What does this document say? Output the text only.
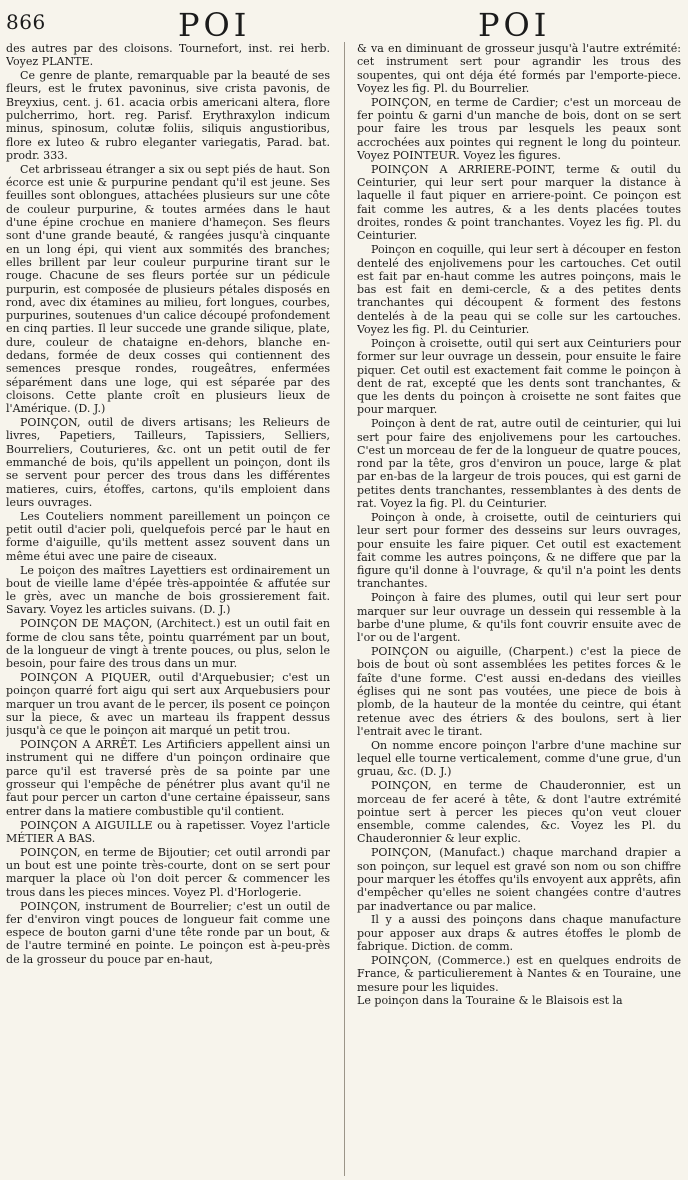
866	POI	POI

des autres par des cloisons. Tournefort, inst. rei herb. Voyez PLANTE.

Ce genre de plante, remarquable par la beauté de ses fleurs, est le frutex pavoninus, sive crista pavonis, de Breyxius, cent. j. 61. acacia orbis americani altera, flore pulcherrimo, hort. reg. Parisf. Erythraxylon indicum minus, spinosum, colutæ foliis, siliquis angustioribus, flore ex luteo & rubro eleganter variegatis, Parad. bat. prodr. 333.

Cet arbrisseau étranger a six ou sept piés de haut. Son écorce est unie & purpurine pendant qu'il est jeune. Ses feuilles sont oblongues, attachées plusieurs sur une côte de couleur purpurine, & toutes armées dans le haut d'une épine crochue en maniere d'hameçon. Ses fleurs sont d'une grande beauté, & rangées jusqu'à cinquante en un long épi, qui vient aux sommités des branches; elles brillent par leur couleur purpurine tirant sur le rouge. Chacune de ses fleurs portée sur un pédicule purpurin, est composée de plusieurs pétales disposés en rond, avec dix étamines au milieu, fort longues, courbes, purpurines, soutenues d'un calice découpé profondement en cinq parties. Il leur succede une grande silique, plate, dure, couleur de chataigne en-dehors, blanche en-dedans, formée de deux cosses qui contiennent des semences presque rondes, rougeâtres, enfermées séparément dans une loge, qui est séparée par des cloisons. Cette plante croît en plusieurs lieux de l'Amérique. (D. J.)

POINÇON, outil de divers artisans; les Relieurs de livres, Papetiers, Tailleurs, Tapissiers, Selliers, Bourreliers, Couturieres, &c. ont un petit outil de fer emmanché de bois, qu'ils appellent un poinçon, dont ils se servent pour percer des trous dans les différentes matieres, cuirs, étoffes, cartons, qu'ils emploient dans leurs ouvrages.

Les Couteliers nomment pareillement un poinçon ce petit outil d'acier poli, quelquefois percé par le haut en forme d'aiguille, qu'ils mettent assez souvent dans un même étui avec une paire de ciseaux.

Le poiçon des maîtres Layettiers est ordinairement un bout de vieille lame d'épée très-appointée & affutée sur le grès, avec un manche de bois grossierement fait. Savary. Voyez les articles suivans. (D. J.)

POINÇON DE MAÇON, (Architect.) est un outil fait en forme de clou sans tête, pointu quarrément par un bout, de la longueur de vingt à trente pouces, ou plus, selon le besoin, pour faire des trous dans un mur.

POINÇON A PIQUER, outil d'Arquebusier; c'est un poinçon quarré fort aigu qui sert aux Arquebusiers pour marquer un trou avant de le percer, ils posent ce poinçon sur la piece, & avec un marteau ils frappent dessus jusqu'à ce que le poinçon ait marqué un petit trou.

POINÇON A ARRÊT. Les Artificiers appellent ainsi un instrument qui ne differe d'un poinçon ordinaire que parce qu'il est traversé près de sa pointe par une grosseur qui l'empêche de pénétrer plus avant qu'il ne faut pour percer un carton d'une certaine épaisseur, sans entrer dans la matiere combustible qu'il contient.

POINÇON A AIGUILLE ou à rapetisser. Voyez l'article MÉTIER A BAS.

POINÇON, en terme de Bijoutier; cet outil arrondi par un bout est une pointe très-courte, dont on se sert pour marquer la place où l'on doit percer & commencer les trous dans les pieces minces. Voyez Pl. d'Horlogerie.

POINÇON, instrument de Bourrelier; c'est un outil de fer d'environ vingt pouces de longueur fait comme une espece de bouton garni d'une tête ronde par un bout, & de l'autre terminé en pointe. Le poinçon est à-peu-près de la grosseur du pouce par en-haut,

& va en diminuant de grosseur jusqu'à l'autre extrémité: cet instrument sert pour agrandir les trous des soupentes, qui ont déja été formés par l'emporte-piece. Voyez les fig. Pl. du Bourrelier.

POINÇON, en terme de Cardier; c'est un morceau de fer pointu & garni d'un manche de bois, dont on se sert pour faire les trous par lesquels les peaux sont accrochées aux pointes qui regnent le long du pointeur. Voyez POINTEUR. Voyez les figures.

POINÇON A ARRIERE-POINT, terme & outil du Ceinturier, qui leur sert pour marquer la distance à laquelle il faut piquer en arriere-point. Ce poinçon est fait comme les autres, & a les dents placées toutes droites, rondes & point tranchantes. Voyez les fig. Pl. du Ceinturier.

Poinçon en coquille, qui leur sert à découper en feston dentelé des enjolivemens pour les cartouches. Cet outil est fait par en-haut comme les autres poinçons, mais le bas est fait en demi-cercle, & a des petites dents tranchantes qui découpent & forment des festons dentelés à de la peau qui se colle sur les cartouches. Voyez les fig. Pl. du Ceinturier.

Poinçon à croisette, outil qui sert aux Ceinturiers pour former sur leur ouvrage un dessein, pour ensuite le faire piquer. Cet outil est exactement fait comme le poinçon à dent de rat, excepté que les dents sont tranchantes, & que les dents du poinçon à croisette ne sont faites que pour marquer.

Poinçon à dent de rat, autre outil de ceinturier, qui lui sert pour faire des enjolivemens pour les cartouches. C'est un morceau de fer de la longueur de quatre pouces, rond par la tête, gros d'environ un pouce, large & plat par en-bas de la largeur de trois pouces, qui est garni de petites dents tranchantes, ressemblantes à des dents de rat. Voyez la fig. Pl. du Ceinturier.

Poinçon à onde, à croisette, outil de ceinturiers qui leur sert pour former des desseins sur leurs ouvrages, pour ensuite les faire piquer. Cet outil est exactement fait comme les autres poinçons, & ne differe que par la figure qu'il donne à l'ouvrage, & qu'il n'a point les dents tranchantes.

Poinçon à faire des plumes, outil qui leur sert pour marquer sur leur ouvrage un dessein qui ressemble à la barbe d'une plume, & qu'ils font couvrir ensuite avec de l'or ou de l'argent.

POINÇON ou aiguille, (Charpent.) c'est la piece de bois de bout où sont assemblées les petites forces & le faîte d'une forme. C'est aussi en-dedans des vieilles églises qui ne sont pas voutées, une piece de bois à plomb, de la hauteur de la montée du ceintre, qui étant retenue avec des étriers & des boulons, sert à lier l'entrait avec le tirant.

On nomme encore poinçon l'arbre d'une machine sur lequel elle tourne verticalement, comme d'une grue, d'un gruau, &c. (D. J.)

POINÇON, en terme de Chauderonnier, est un morceau de fer aceré à tête, & dont l'autre extrémité pointue sert à percer les pieces qu'on veut clouer ensemble, comme calendes, &c. Voyez les Pl. du Chauderonnier & leur explic.

POINÇON, (Manufact.) chaque marchand drapier a son poinçon, sur lequel est gravé son nom ou son chiffre pour marquer les étoffes qu'ils envoyent aux apprêts, afin d'empêcher qu'elles ne soient changées contre d'autres par inadvertance ou par malice.

Il y a aussi des poinçons dans chaque manufacture pour apposer aux draps & autres étoffes le plomb de fabrique. Diction. de comm.

POINÇON, (Commerce.) est en quelques endroits de France, & particulierement à Nantes & en Touraine, une mesure pour les liquides.

Le poinçon dans la Touraine & le Blaisois est la
